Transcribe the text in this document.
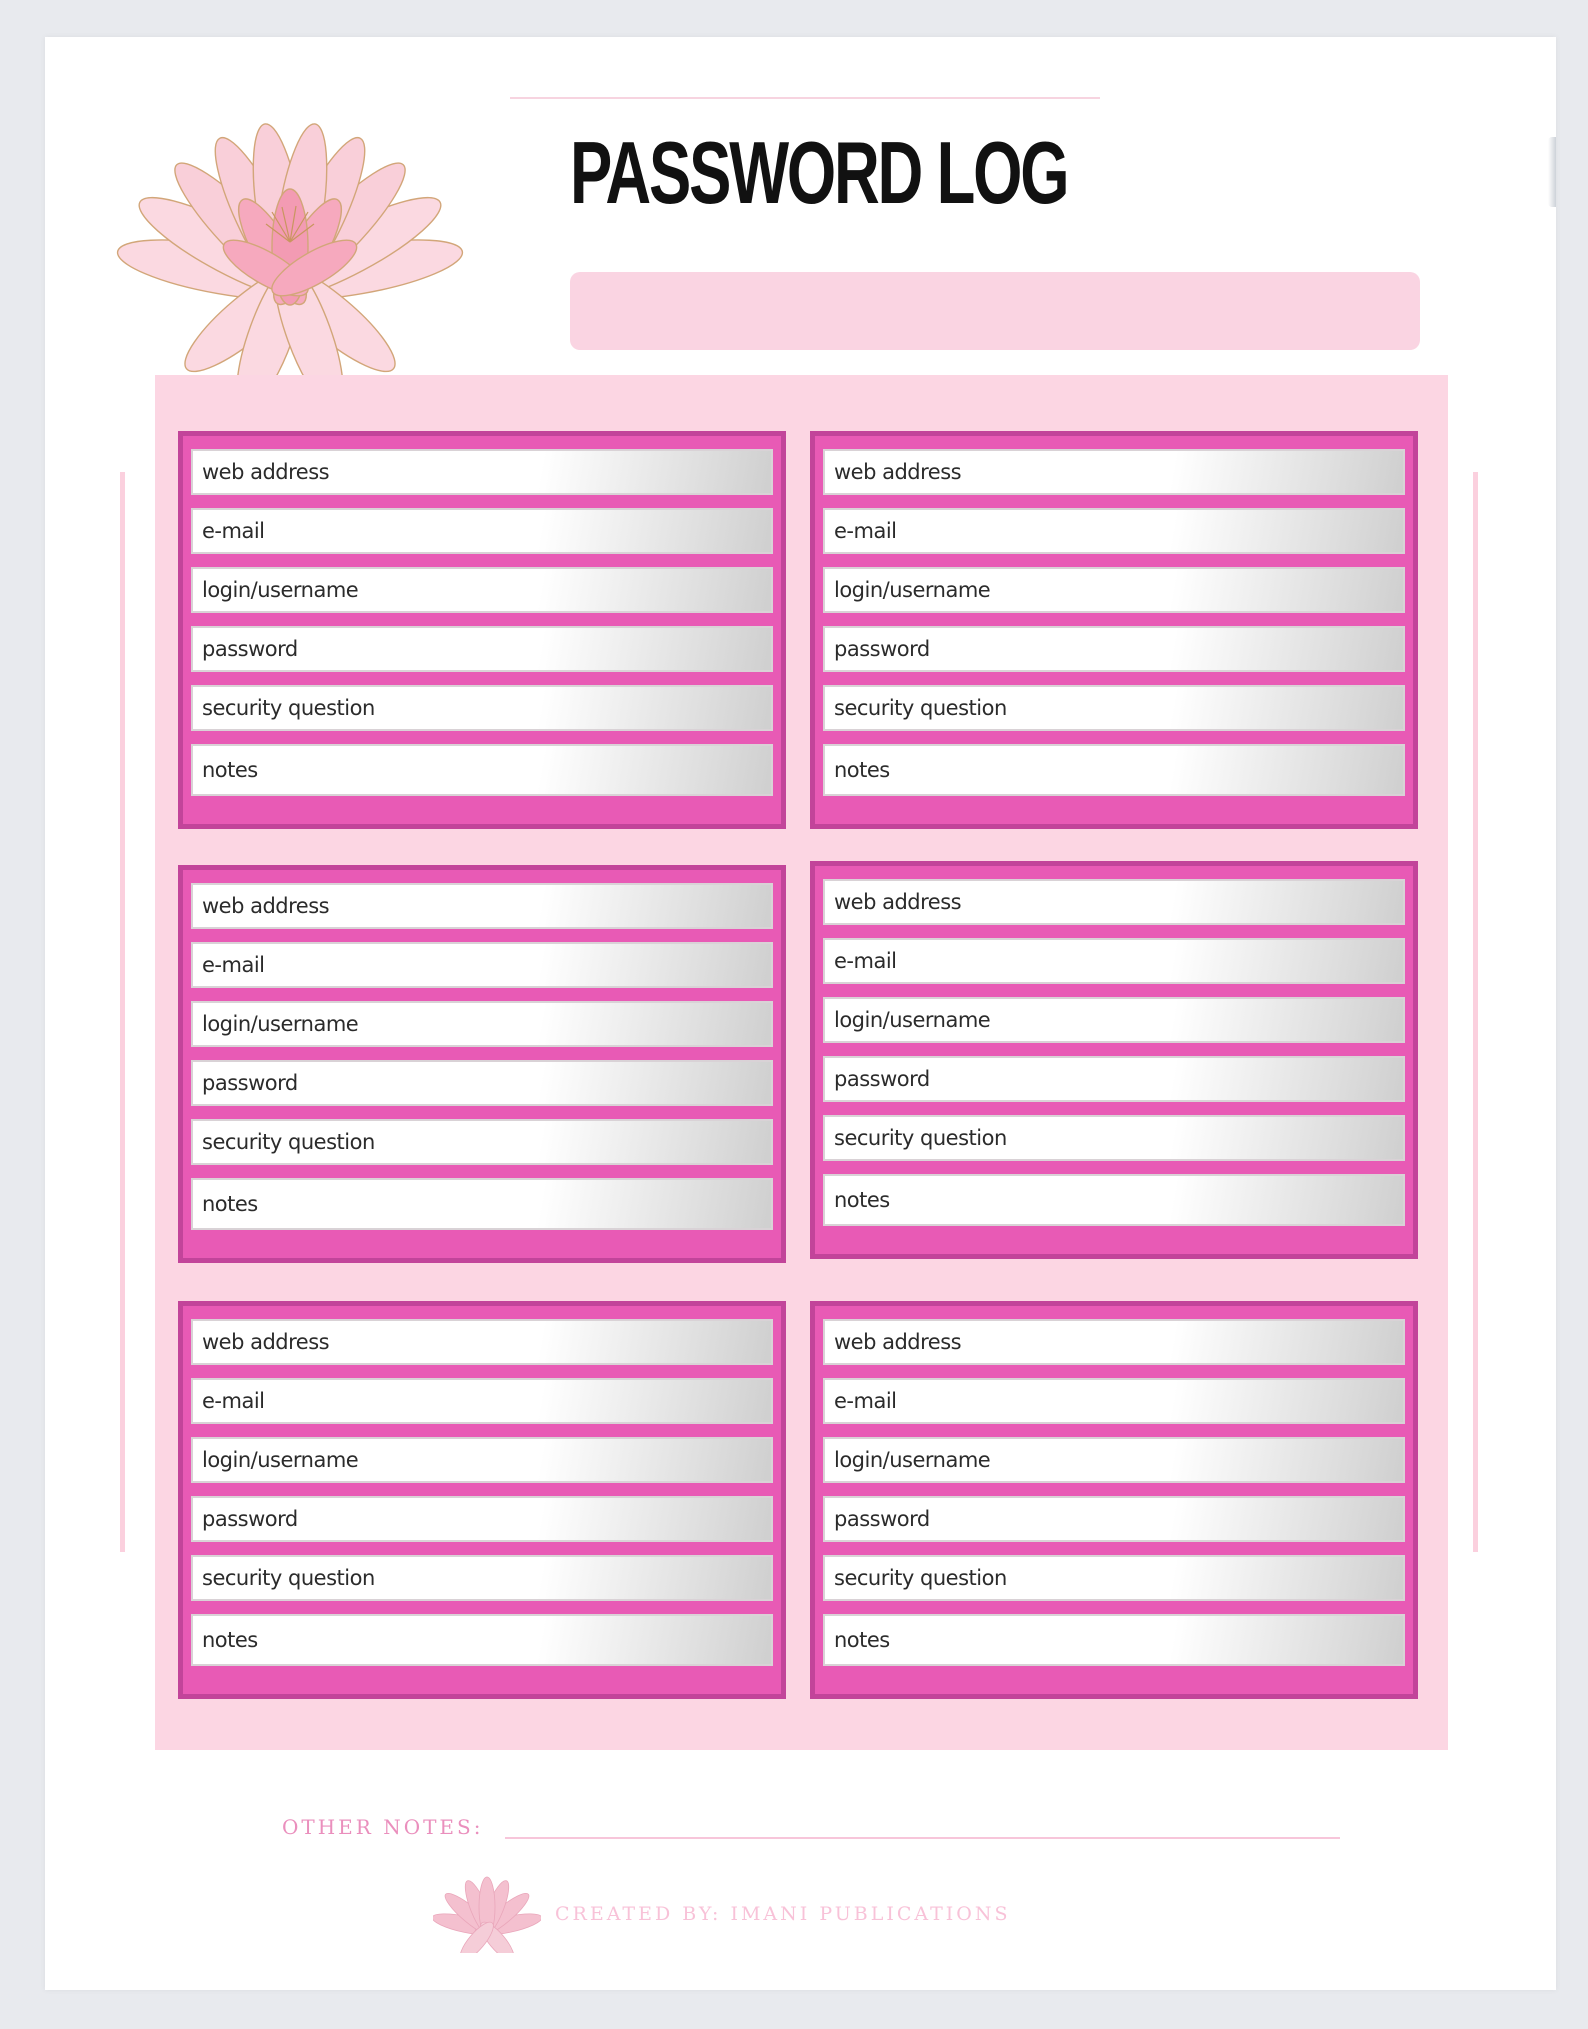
PASSWORD LOG
web address
e-mail
login/username
password
security question
notes
web address
e-mail
login/username
password
security question
notes
web address
e-mail
login/username
password
security question
notes
web address
e-mail
login/username
password
security question
notes
web address
e-mail
login/username
password
security question
notes
web address
e-mail
login/username
password
security question
notes
OTHER NOTES:
CREATED BY: IMANI PUBLICATIONS
